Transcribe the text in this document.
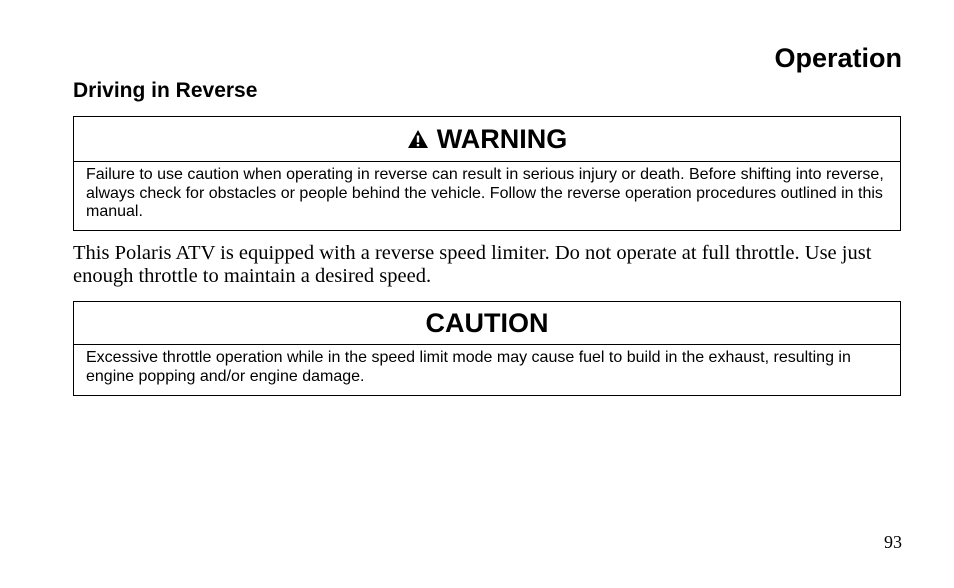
Operation
Driving in Reverse
WARNING

Failure to use caution when operating in reverse can result in serious injury or death. Before shifting into reverse, always check for obstacles or people behind the vehicle. Follow the reverse operation procedures outlined in this manual.

This Polaris ATV is equipped with a reverse speed limiter. Do not operate at full throttle. Use just enough throttle to maintain a desired speed.

CAUTION

Excessive throttle operation while in the speed limit mode may cause fuel to build in the exhaust, resulting in engine popping and/or engine damage.

93
